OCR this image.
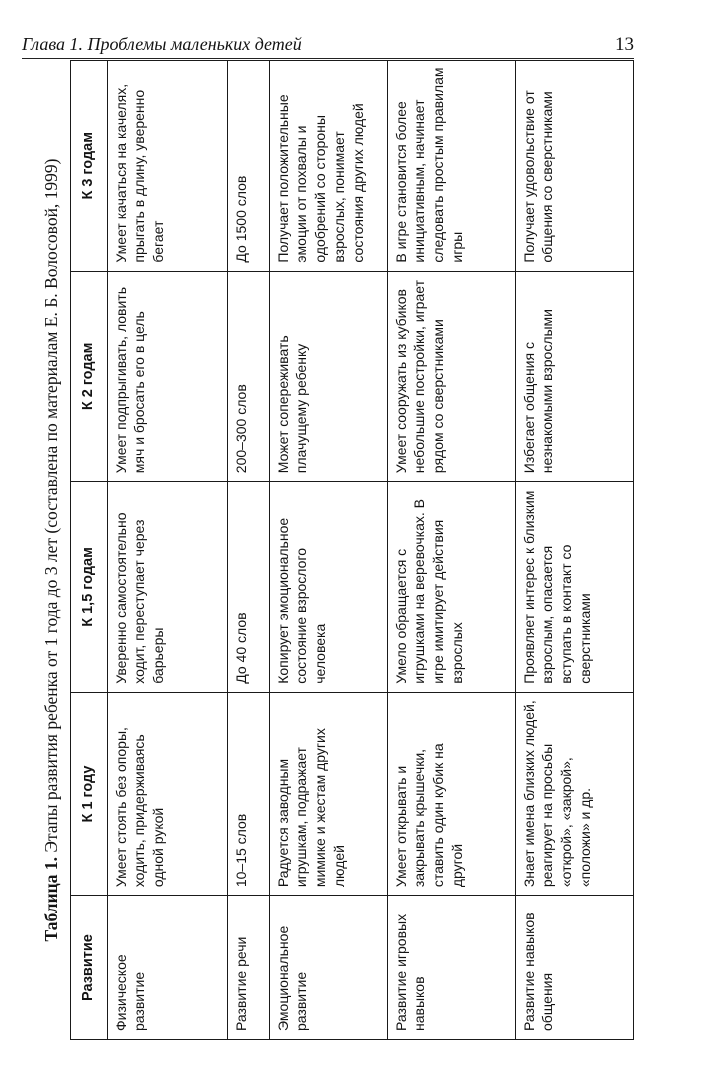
Глава 1. Проблемы маленьких детей	13
Таблица 1. Этапы развития ребенка от 1 года до 3 лет (составлена по материалам Е. Б. Волосовой, 1999)
Развитие	К 1 году	К 1,5 годам	К 2 годам	К 3 годам
Физическое развитие	Умеет стоять без опоры, ходить, придерживаясь одной рукой	Уверенно самостоятельно ходит, переступает через барьеры	Умеет подпрыгивать, ловить мяч и бросать его в цель	Умеет качаться на качелях, прыгать в длину, уверенно бегает
Развитие речи	10–15 слов	До 40 слов	200–300 слов	До 1500 слов
Эмоциональное развитие	Радуется заводным игрушкам, подражает мимике и жестам других людей	Копирует эмоциональное состояние взрослого человека	Может сопереживать плачущему ребенку	Получает положительные эмоции от похвалы и одобрений со стороны взрослых, понимает состояния других людей
Развитие игровых навыков	Умеет открывать и закрывать крышечки, ставить один кубик на другой	Умело обращается с игрушками на веревочках. В игре имитирует действия взрослых	Умеет сооружать из кубиков небольшие постройки, играет рядом со сверстниками	В игре становится более инициативным, начинает следовать простым правилам игры
Развитие навыков общения	Знает имена близких людей, реагирует на просьбы «открой», «закрой», «положи» и др.	Проявляет интерес к близким взрослым, опасается вступать в контакт со сверстниками	Избегает общения с незнакомыми взрослыми	Получает удовольствие от общения со сверстниками
